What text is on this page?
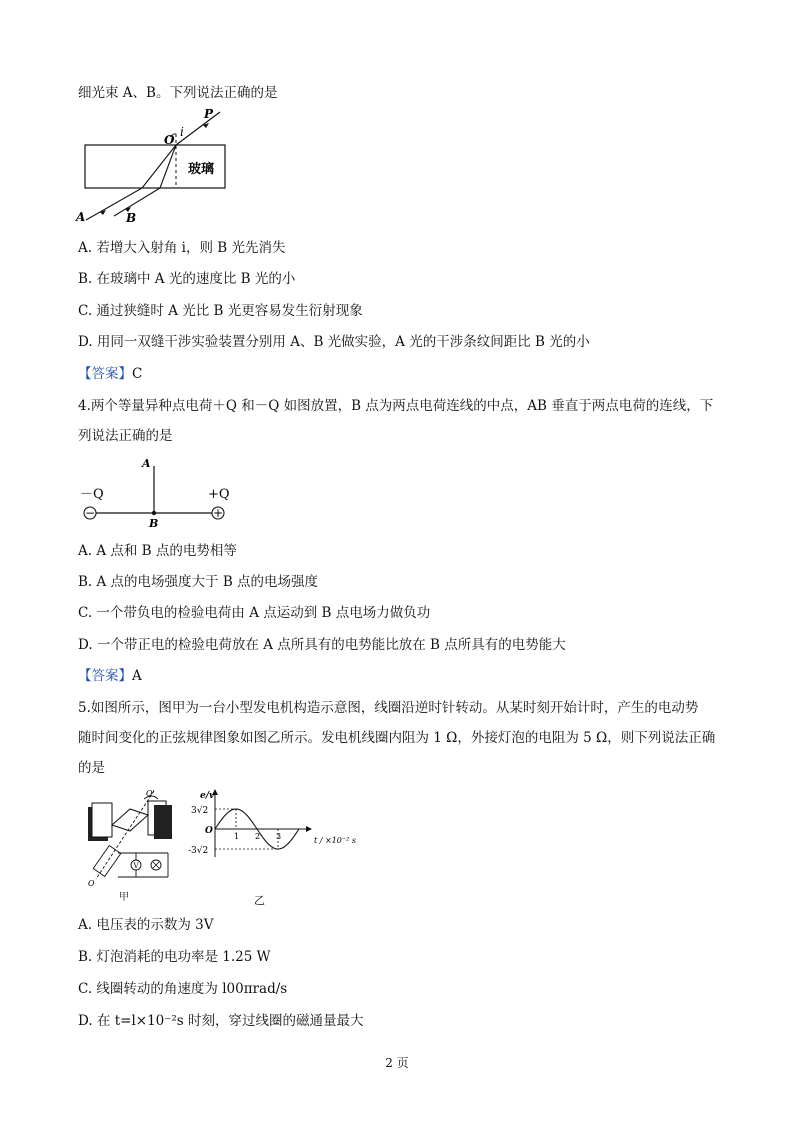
细光束 A、B。下列说法正确的是
O
i
P
玻璃
A	B
A. 若增大入射角 i，则 B 光先消失
B. 在玻璃中 A 光的速度比 B 光的小
C. 通过狭缝时 A 光比 B 光更容易发生衍射现象
D. 用同一双缝干涉实验装置分别用 A、B 光做实验，A 光的干涉条纹间距比 B 光的小
【答案】C
4.两个等量异种点电荷＋Q 和－Q 如图放置，B 点为两点电荷连线的中点，AB 垂直于两点电荷的连线，下
列说法正确的是
−	+
－Q	+Q
A
B
A. A 点和 B 点的电势相等
B. A 点的电场强度大于 B 点的电场强度
C. 一个带负电的检验电荷由 A 点运动到 B 点电场力做负功
D. 一个带正电的检验电荷放在 A 点所具有的电势能比放在 B 点所具有的电势能大
【答案】A
5.如图所示，图甲为一台小型发电机构造示意图，线圈沿逆时针转动。从某时刻开始计时，产生的电动势
随时间变化的正弦规律图象如图乙所示。发电机线圈内阻为 1 Ω，外接灯泡的电阻为 5 Ω，则下列说法正确
的是
V
O'
O
甲
e/v
3√2
-3√2
O
1 2 3	t / ×10⁻² s
乙
A. 电压表的示数为 3V
B. 灯泡消耗的电功率是 1.25 W
C. 线圈转动的角速度为 l00πrad/s
D. 在 t=l×10⁻²s 时刻，穿过线圈的磁通量最大
2 页
